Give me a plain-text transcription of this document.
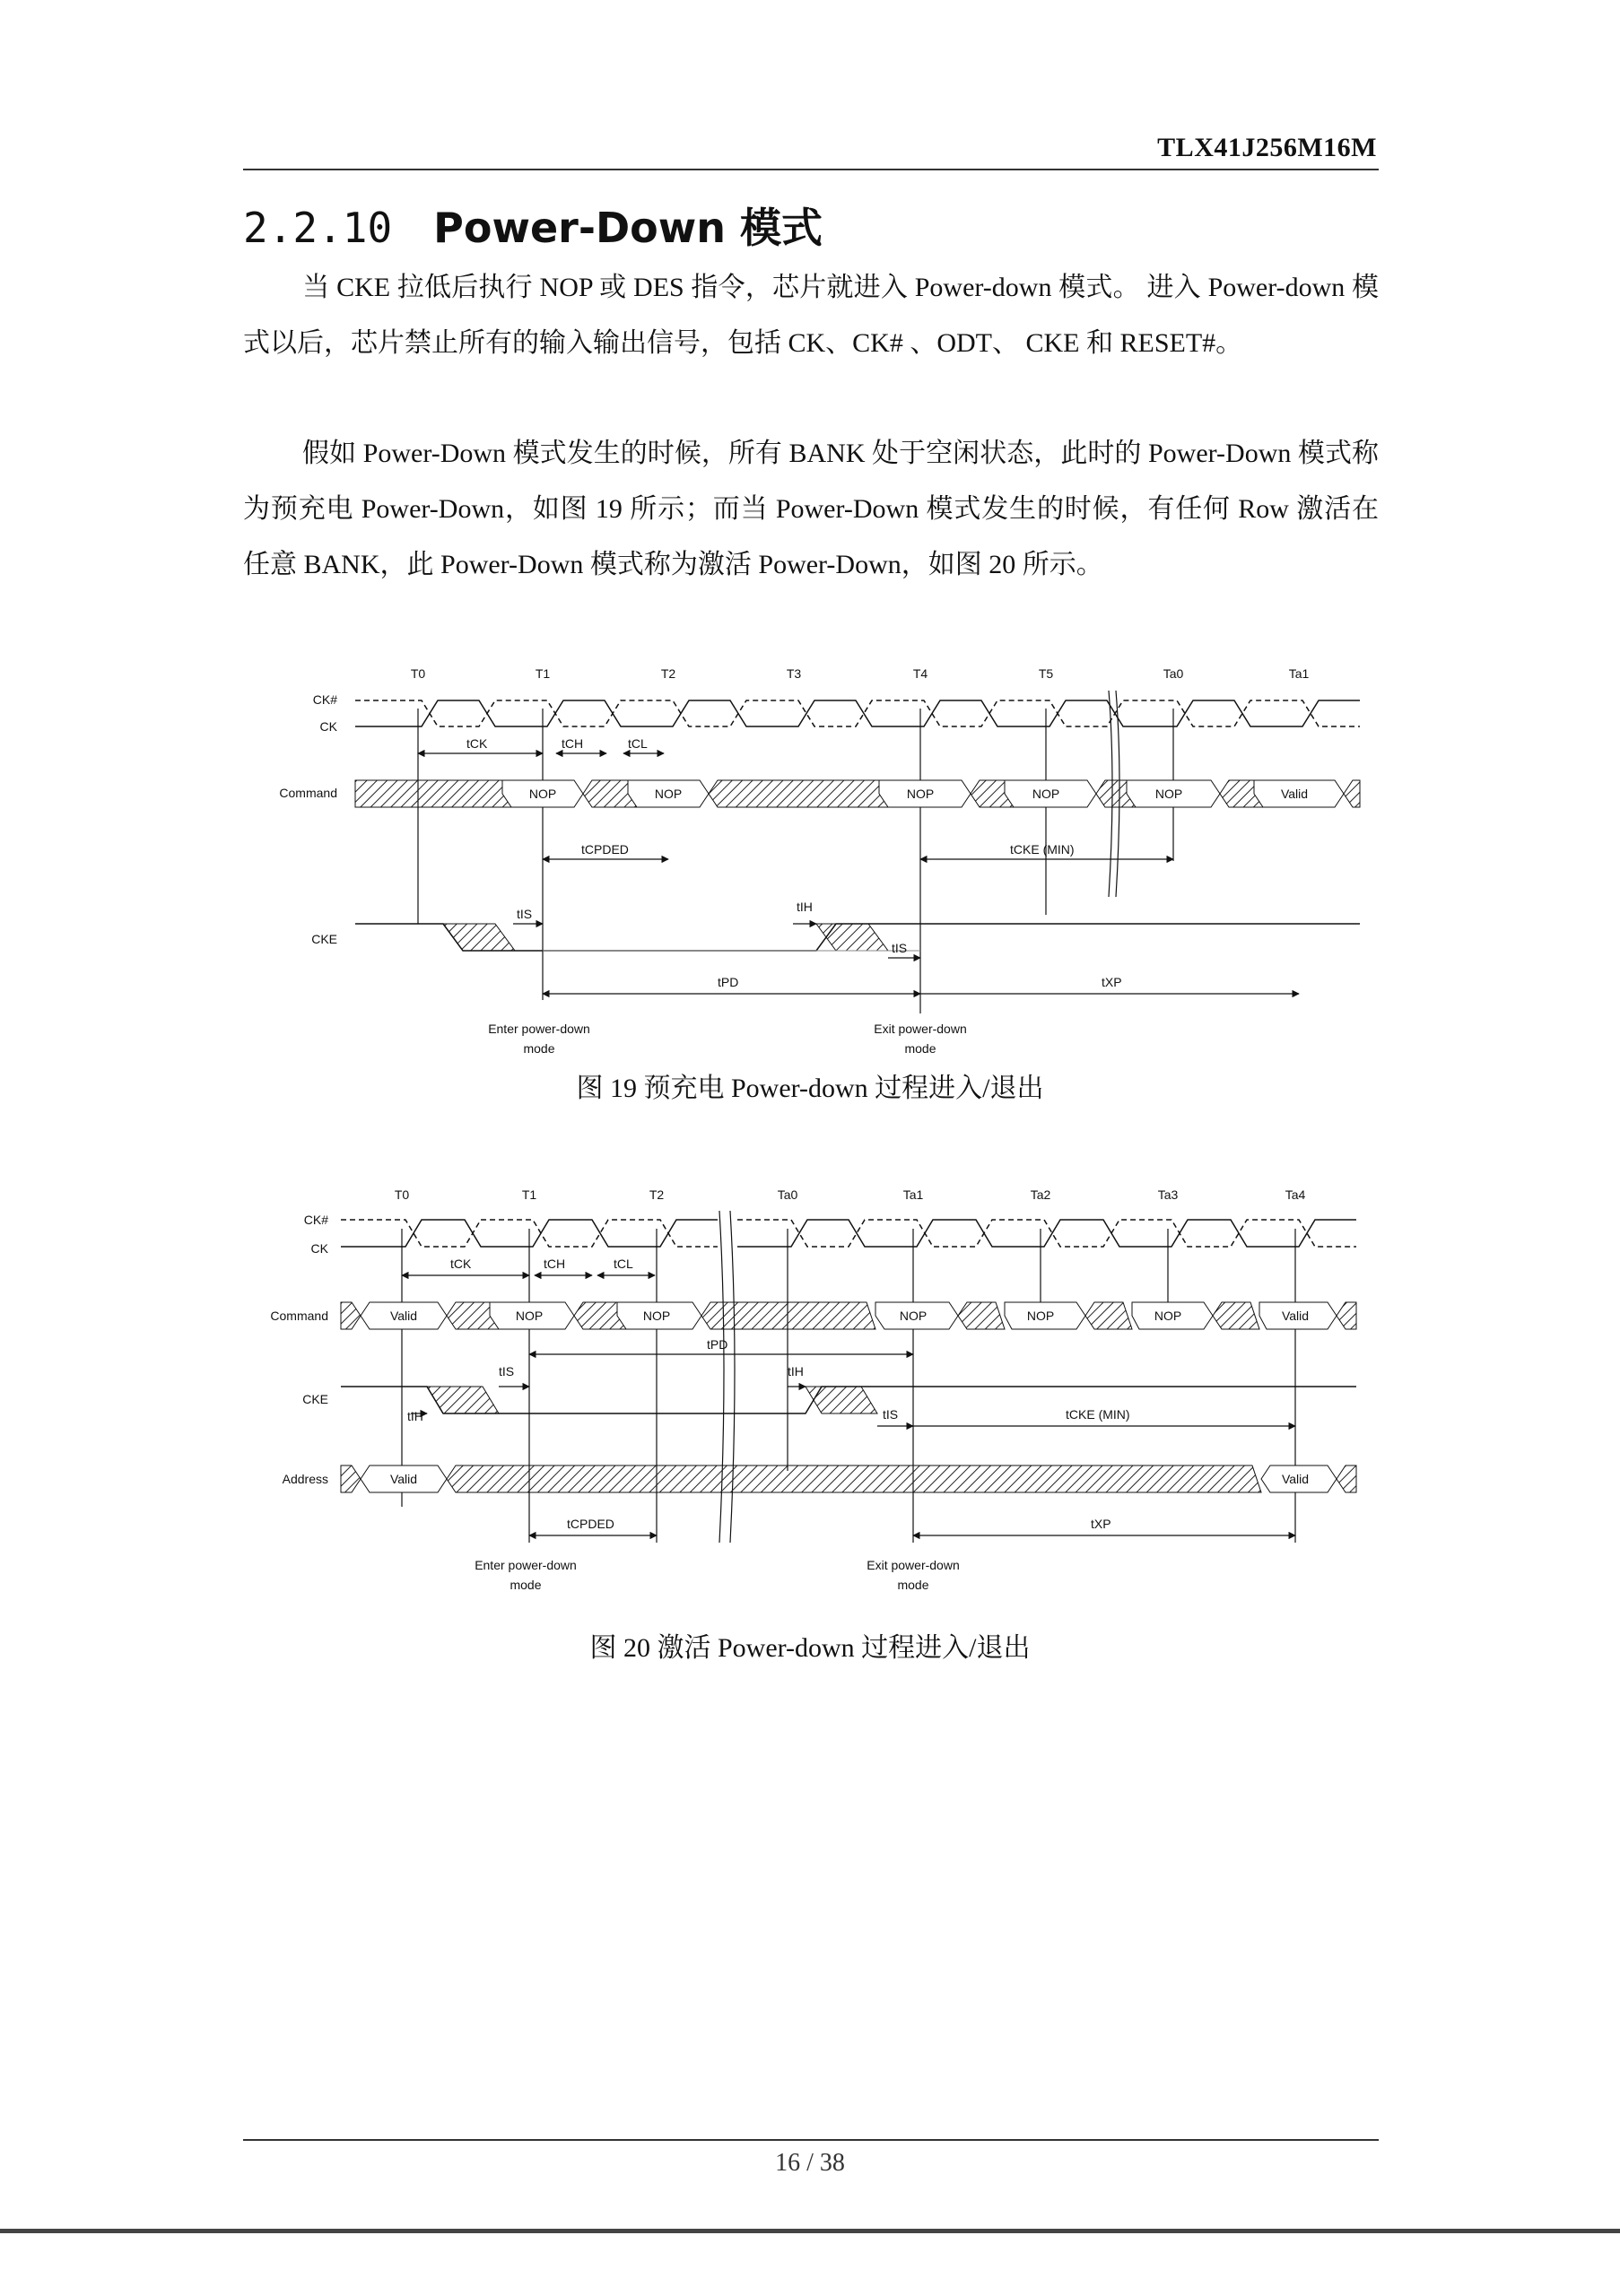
TLX41J256M16M
2.2.10 Power-Down 模式
当 CKE 拉低后执行 NOP 或 DES 指令，芯片就进入 Power-down 模式。 进入 Power-down 模式以后，芯片禁止所有的输入输出信号，包括 CK、CK# 、ODT、 CKE 和 RESET#。
假如 Power-Down 模式发生的时候，所有 BANK 处于空闲状态，此时的 Power-Down 模式称为预充电 Power-Down，如图 19 所示；而当 Power-Down 模式发生的时候，有任何 Row 激活在任意 BANK，此 Power-Down 模式称为激活 Power-Down，如图 20 所示。
T0	T1	T2	T3	T4	T5	Ta0	Ta1
CK#
CK
Command
CKE
tCK	tCH	tCL
NOP	NOP	NOP	NOP	NOP	Valid
tCPDED	tCKE (MIN)
tIS	tIH
tIS
tPD	tXP
Enter power-down
mode
Exit power-down
mode
图 19 预充电 Power-down 过程进入/退出
T0	T1	T2	Ta0	Ta1	Ta2	Ta3	Ta4
CK#
CK
Command
CKE
Address
tCK	tCH	tCL
Valid	NOP	NOP	NOP	NOP	NOP	Valid
tPD
tIS
tIH
tIH
tIS	tCKE (MIN)
Valid	Valid
tCPDED	tXP
Enter power-down
mode
Exit power-down
mode
图 20 激活 Power-down 过程进入/退出
16 / 38
